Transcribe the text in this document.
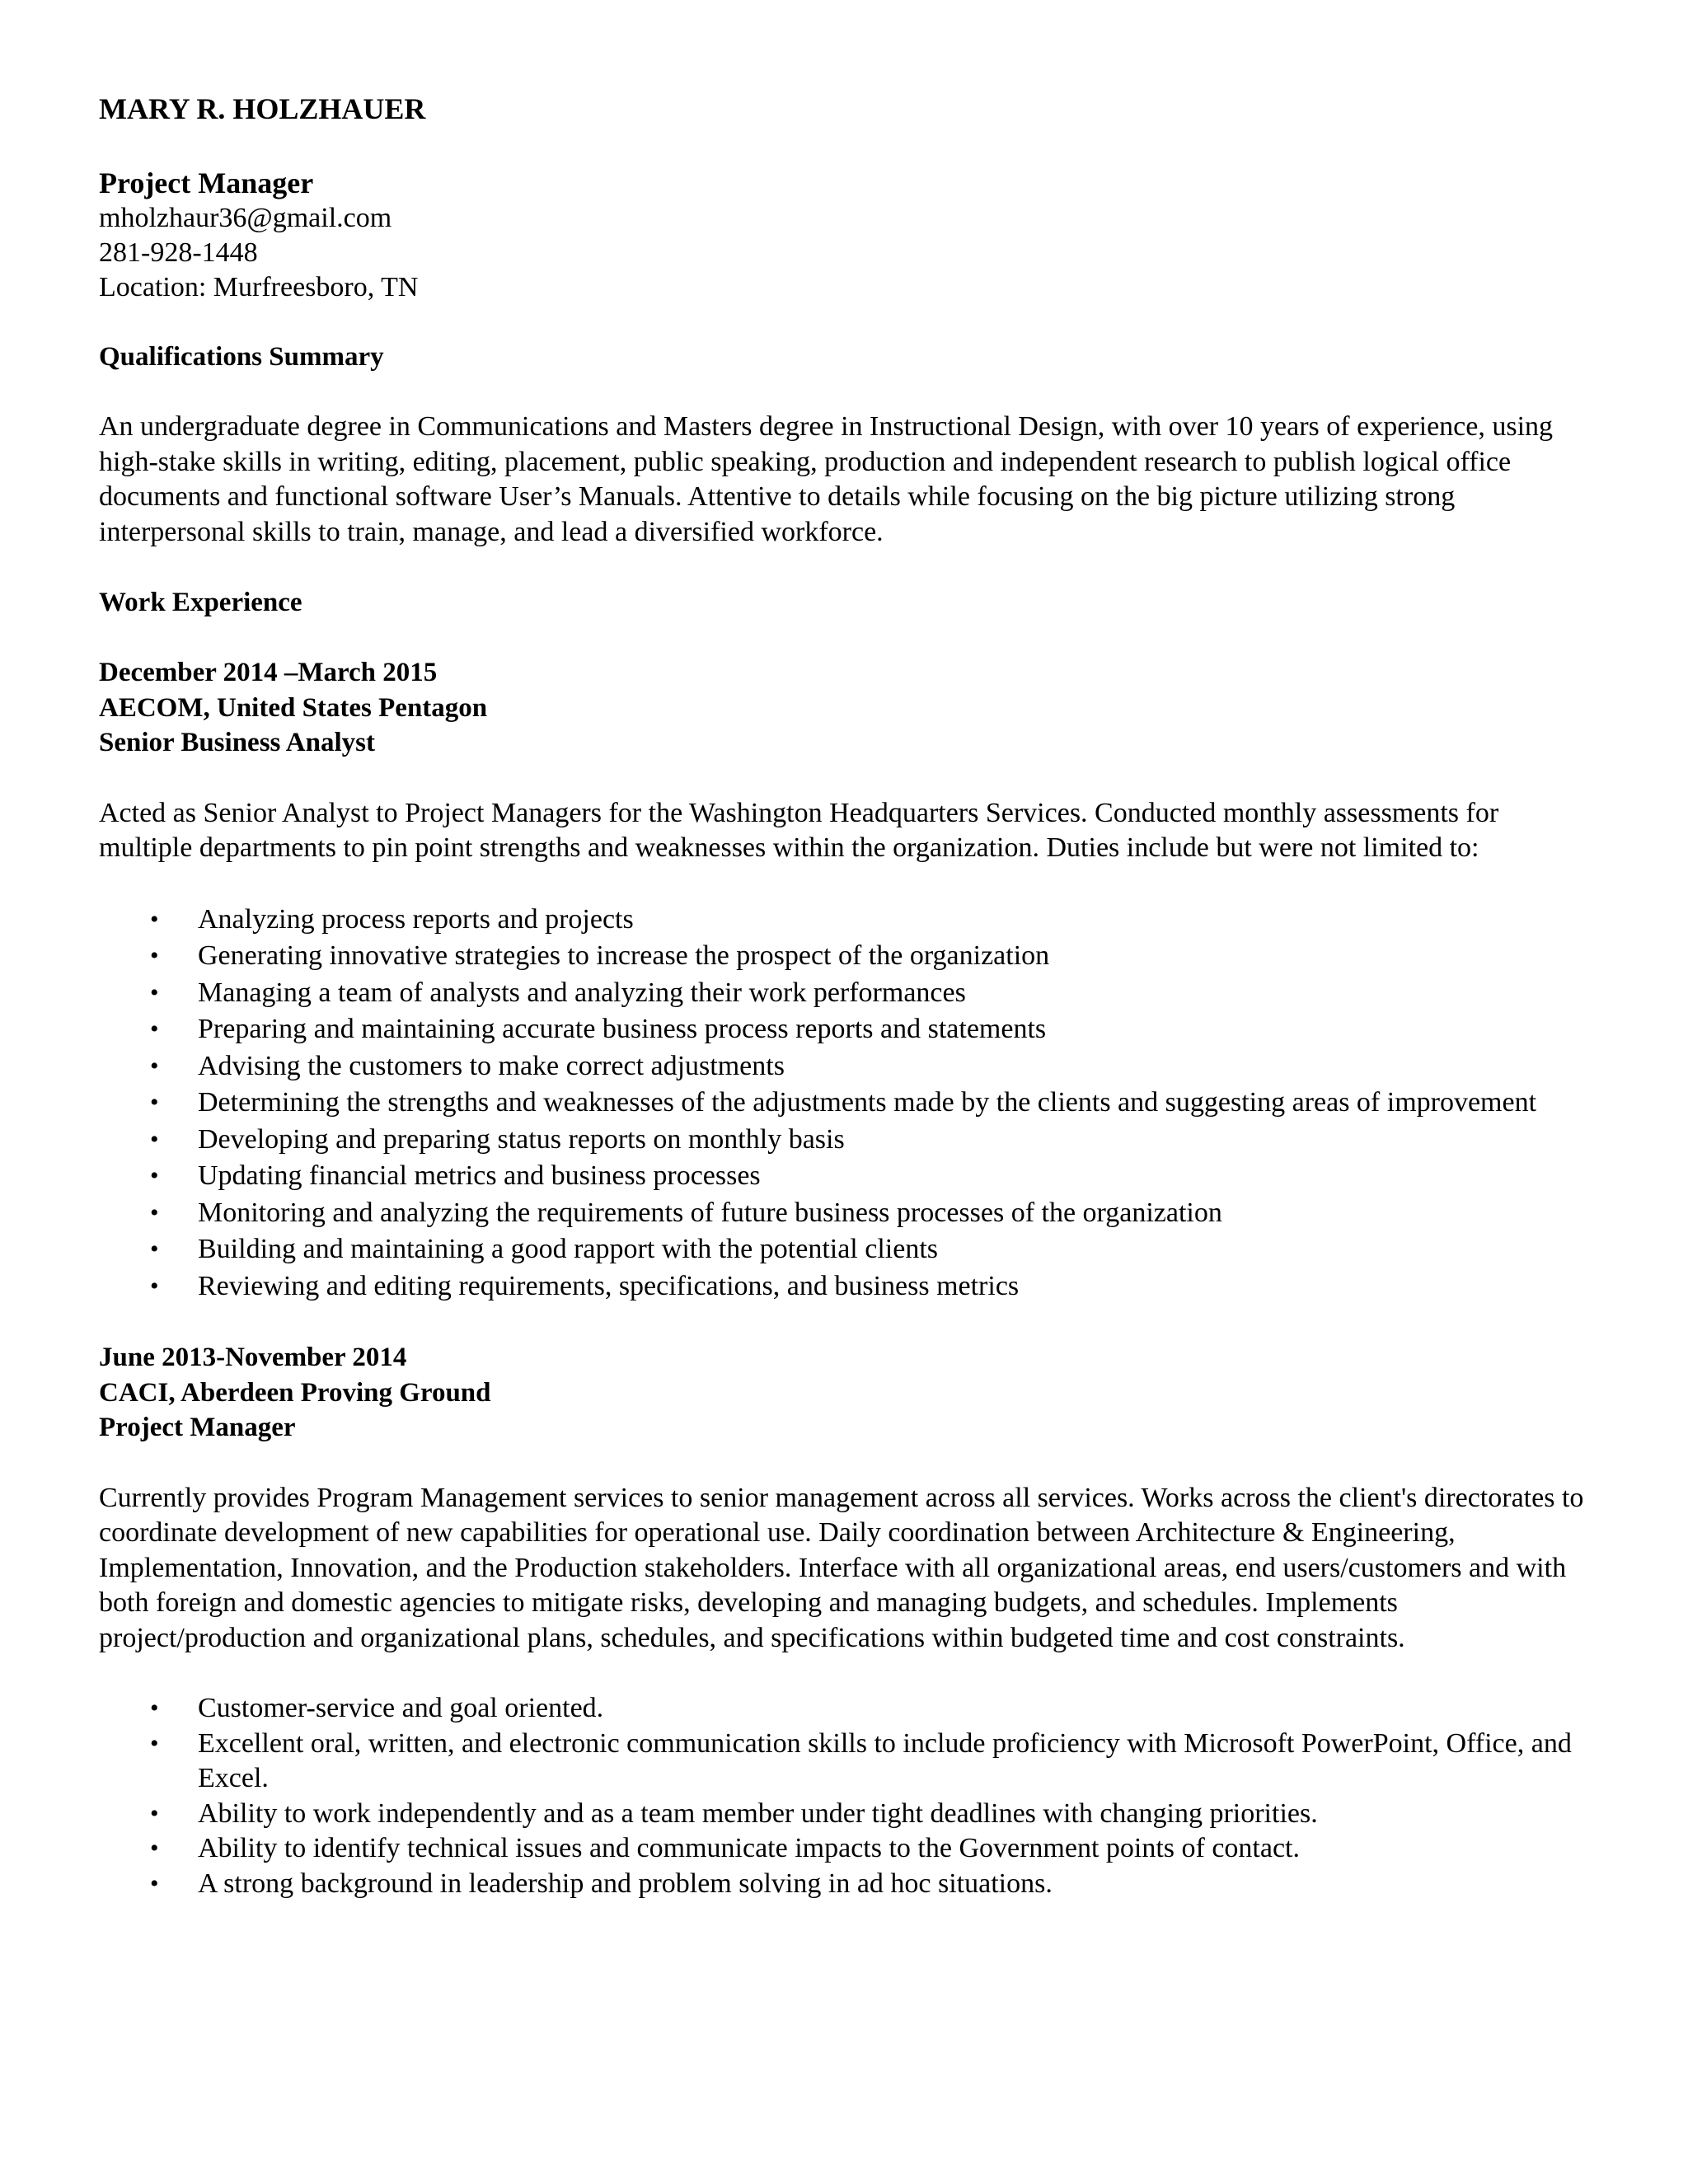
MARY R. HOLZHAUER
Project Manager
mholzhaur36@gmail.com
281-928-1448
Location: Murfreesboro, TN
Qualifications Summary
An undergraduate degree in Communications and Masters degree in Instructional Design, with over 10 years of experience, using high-stake skills in writing, editing, placement, public speaking, production and independent research to publish logical office documents and functional software User’s Manuals. Attentive to details while focusing on the big picture utilizing strong interpersonal skills to train, manage, and lead a diversified workforce.
Work Experience
December 2014 –March 2015
AECOM, United States Pentagon
Senior Business Analyst
Acted as Senior Analyst to Project Managers for the Washington Headquarters Services. Conducted monthly assessments for multiple departments to pin point strengths and weaknesses within the organization. Duties include but were not limited to:
• Analyzing process reports and projects
• Generating innovative strategies to increase the prospect of the organization
• Managing a team of analysts and analyzing their work performances
• Preparing and maintaining accurate business process reports and statements
• Advising the customers to make correct adjustments
• Determining the strengths and weaknesses of the adjustments made by the clients and suggesting areas of improvement
• Developing and preparing status reports on monthly basis
• Updating financial metrics and business processes
• Monitoring and analyzing the requirements of future business processes of the organization
• Building and maintaining a good rapport with the potential clients
• Reviewing and editing requirements, specifications, and business metrics
June 2013-November 2014
CACI, Aberdeen Proving Ground
Project Manager
Currently provides Program Management services to senior management across all services. Works across the client's directorates to coordinate development of new capabilities for operational use. Daily coordination between Architecture & Engineering, Implementation, Innovation, and the Production stakeholders. Interface with all organizational areas, end users/customers and with both foreign and domestic agencies to mitigate risks, developing and managing budgets, and schedules. Implements project/production and organizational plans, schedules, and specifications within budgeted time and cost constraints.
• Customer-service and goal oriented.
• Excellent oral, written, and electronic communication skills to include proficiency with Microsoft PowerPoint, Office, and Excel.
• Ability to work independently and as a team member under tight deadlines with changing priorities.
• Ability to identify technical issues and communicate impacts to the Government points of contact.
• A strong background in leadership and problem solving in ad hoc situations.
